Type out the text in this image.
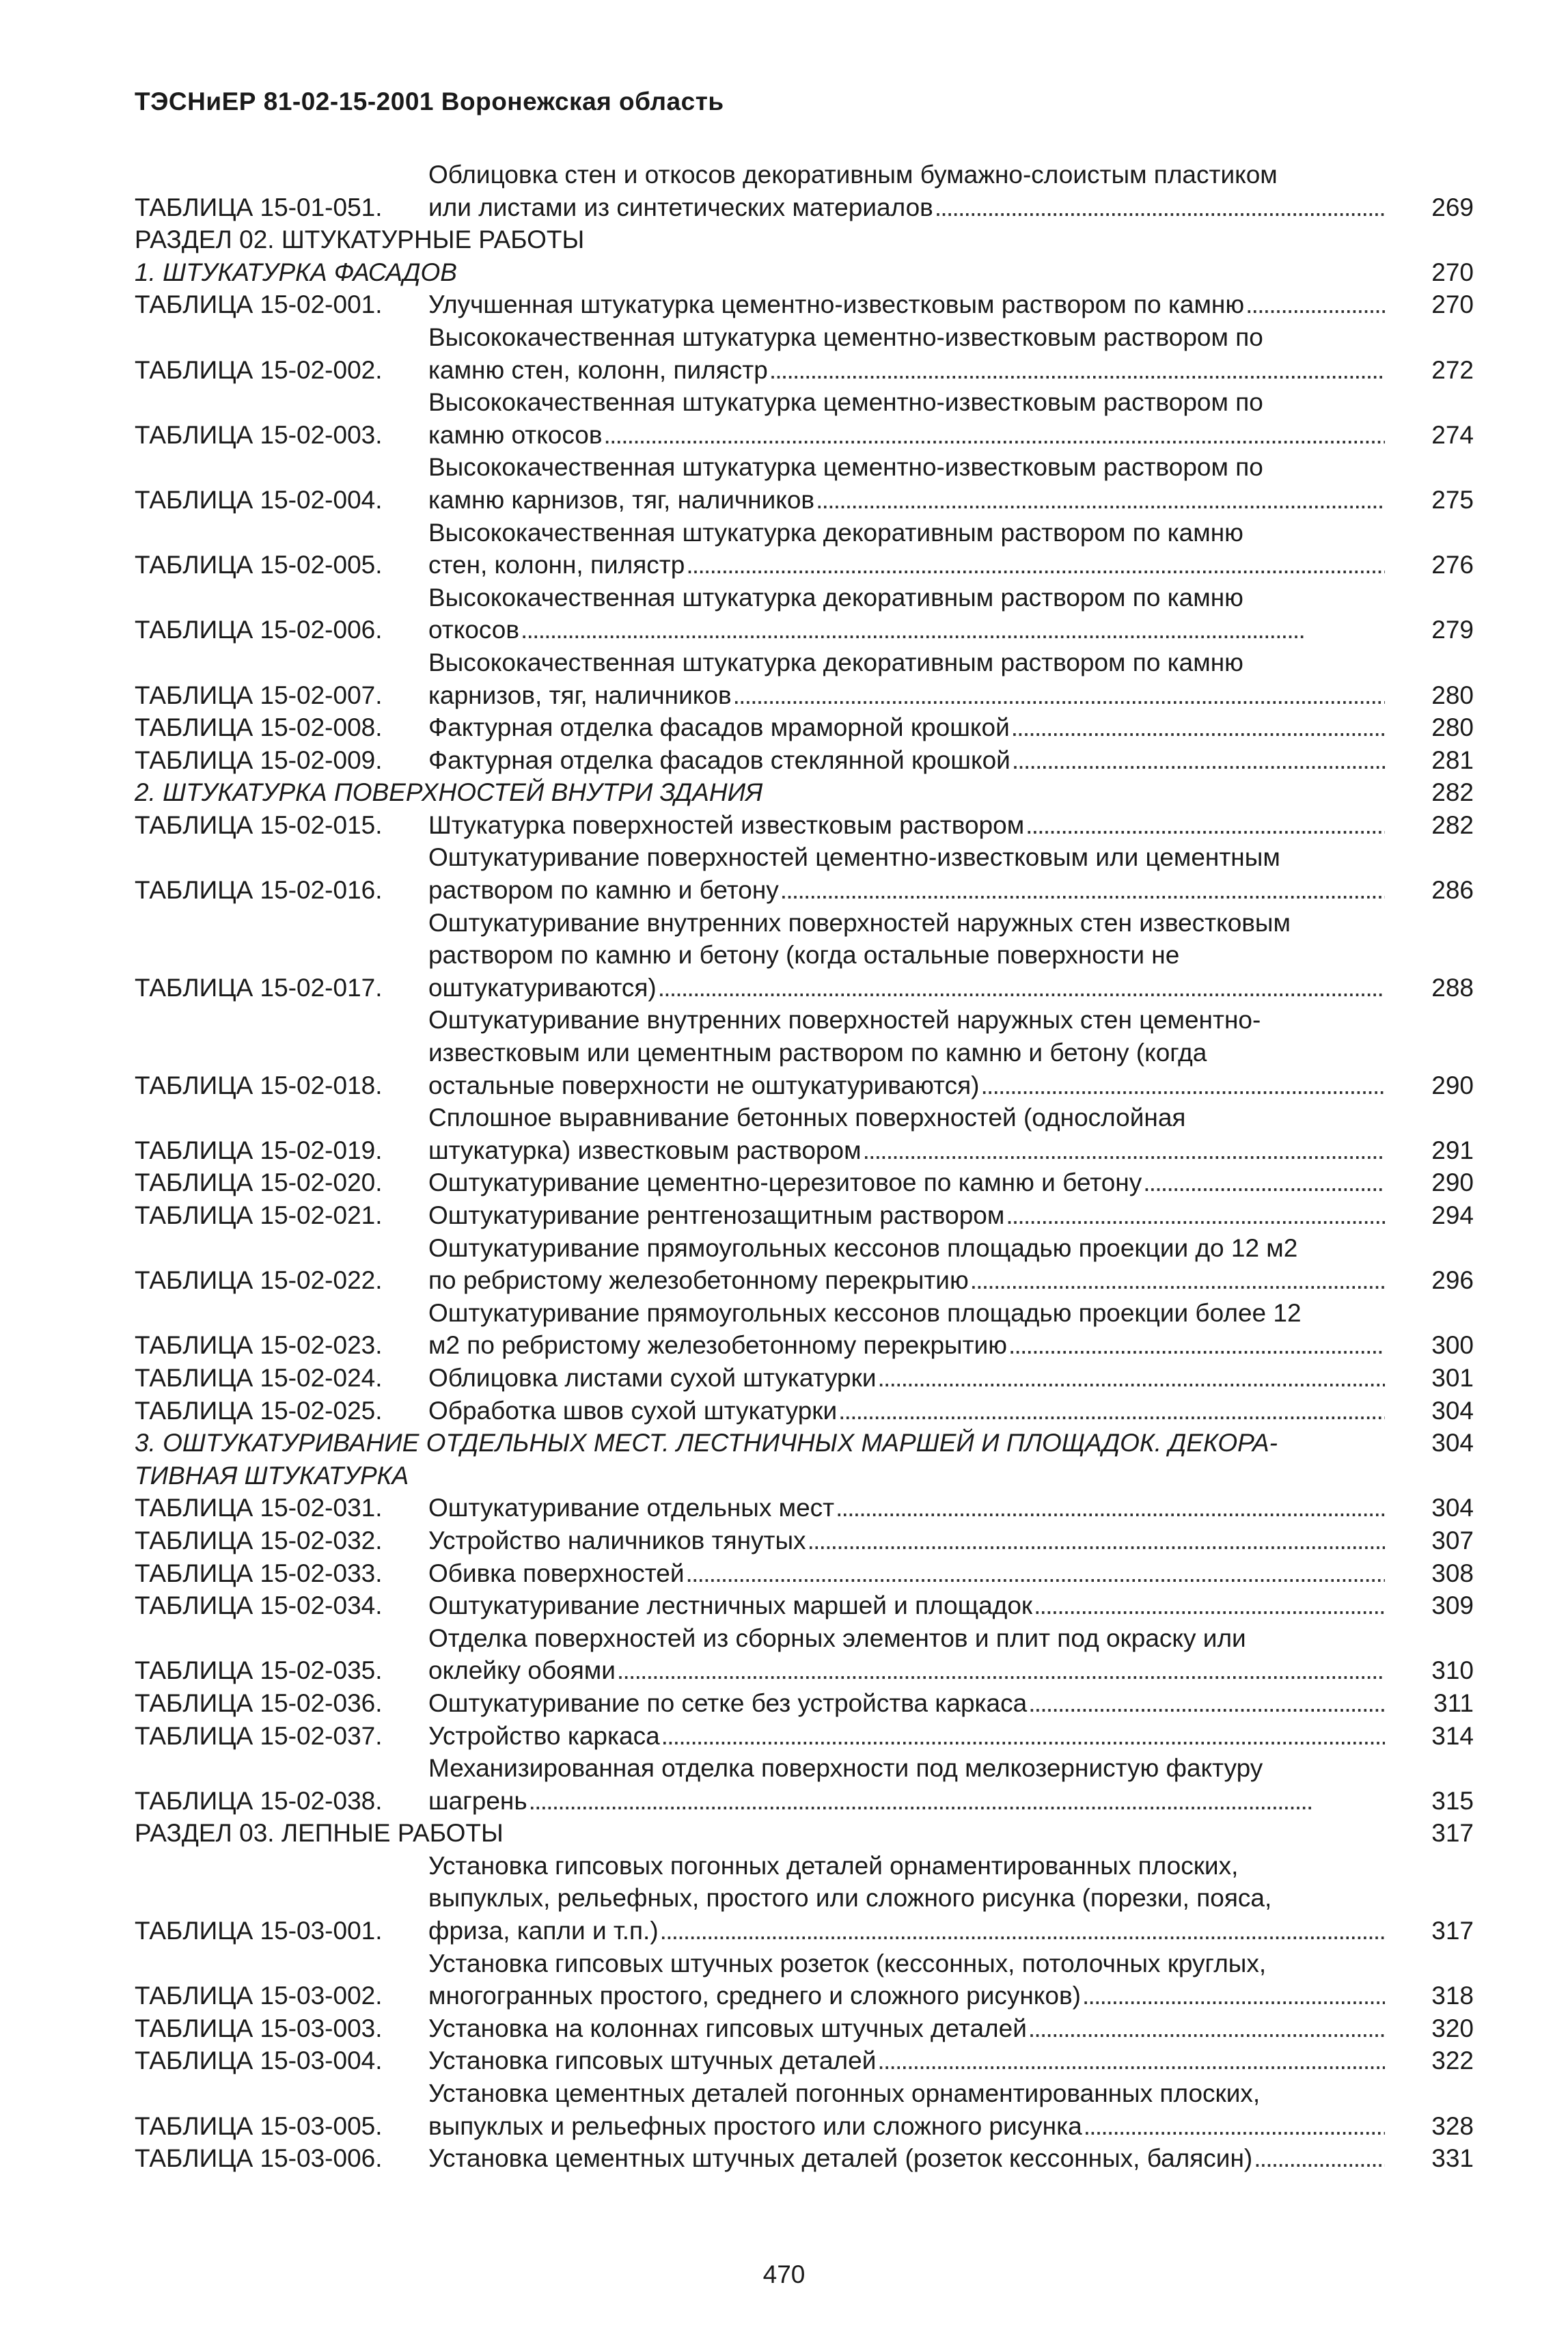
ТЭСНиЕР 81-02-15-2001 Воронежская область
ТАБЛИЦА 15-01-051.
Облицовка стен и откосов декоративным бумажно-слоистым пластиком
или листами из синтетических материалов . . .	269
РАЗДЕЛ 02. ШТУКАТУРНЫЕ РАБОТЫ
1. ШТУКАТУРКА ФАСАДОВ	270
ТАБЛИЦА 15-02-001.	Улучшенная штукатурка цементно-известковым раствором по камню . . .	270
ТАБЛИЦА 15-02-002.
Высококачественная штукатурка цементно-известковым раствором по
камню стен, колонн, пилястр . . .	272
ТАБЛИЦА 15-02-003.
Высококачественная штукатурка цементно-известковым раствором по
камню откосов . . .	274
ТАБЛИЦА 15-02-004.
Высококачественная штукатурка цементно-известковым раствором по
камню карнизов, тяг, наличников . . .	275
ТАБЛИЦА 15-02-005.
Высококачественная штукатурка декоративным раствором по камню
стен, колонн, пилястр . . .	276
ТАБЛИЦА 15-02-006.
Высококачественная штукатурка декоративным раствором по камню
откосов . . .	279
ТАБЛИЦА 15-02-007.
Высококачественная штукатурка декоративным раствором по камню
карнизов, тяг, наличников . . .	280
ТАБЛИЦА 15-02-008.	Фактурная отделка фасадов мраморной крошкой . . .	280
ТАБЛИЦА 15-02-009.	Фактурная отделка фасадов стеклянной крошкой . . .	281
2. ШТУКАТУРКА ПОВЕРХНОСТЕЙ ВНУТРИ ЗДАНИЯ	282
ТАБЛИЦА 15-02-015.	Штукатурка поверхностей известковым раствором . . .	282
ТАБЛИЦА 15-02-016.
Оштукатуривание поверхностей цементно-известковым или цементным
раствором по камню и бетону . . .	286
ТАБЛИЦА 15-02-017.
Оштукатуривание внутренних поверхностей наружных стен известковым
раствором по камню и бетону (когда остальные поверхности не
оштукатуриваются) . . .	288
ТАБЛИЦА 15-02-018.
Оштукатуривание внутренних поверхностей наружных стен цементно-
известковым или цементным раствором по камню и бетону (когда
остальные поверхности не оштукатуриваются) . . .	290
ТАБЛИЦА 15-02-019.
Сплошное выравнивание бетонных поверхностей (однослойная
штукатурка) известковым раствором . . .	291
ТАБЛИЦА 15-02-020.	Оштукатуривание цементно-церезитовое по камню и бетону . . .	290
ТАБЛИЦА 15-02-021.	Оштукатуривание рентгенозащитным раствором . . .	294
ТАБЛИЦА 15-02-022.
Оштукатуривание прямоугольных кессонов площадью проекции до 12 м2
по ребристому железобетонному перекрытию . . .	296
ТАБЛИЦА 15-02-023.
Оштукатуривание прямоугольных кессонов площадью проекции более 12
м2 по ребристому железобетонному перекрытию . . .	300
ТАБЛИЦА 15-02-024.	Облицовка листами сухой штукатурки . . .	301
ТАБЛИЦА 15-02-025.	Обработка швов сухой штукатурки . . .	304
3. ОШТУКАТУРИВАНИЕ ОТДЕЛЬНЫХ МЕСТ. ЛЕСТНИЧНЫХ МАРШЕЙ И ПЛОЩАДОК. ДЕКОРА-
ТИВНАЯ ШТУКАТУРКА
304
ТАБЛИЦА 15-02-031.	Оштукатуривание отдельных мест . . .	304
ТАБЛИЦА 15-02-032.	Устройство наличников тянутых . . .	307
ТАБЛИЦА 15-02-033.	Обивка поверхностей . . .	308
ТАБЛИЦА 15-02-034.	Оштукатуривание лестничных маршей и площадок . . .	309
ТАБЛИЦА 15-02-035.
Отделка поверхностей из сборных элементов и плит под окраску или
оклейку обоями . . .	310
ТАБЛИЦА 15-02-036.	Оштукатуривание по сетке без устройства каркаса . . .	311
ТАБЛИЦА 15-02-037.	Устройство каркаса . . .	314
ТАБЛИЦА 15-02-038.
Механизированная отделка поверхности под мелкозернистую фактуру
шагрень . . .	315
РАЗДЕЛ 03. ЛЕПНЫЕ РАБОТЫ	317
ТАБЛИЦА 15-03-001.
Установка гипсовых погонных деталей орнаментированных плоских,
выпуклых, рельефных, простого или сложного рисунка (порезки, пояса,
фриза, капли и т.п.) . . .	317
ТАБЛИЦА 15-03-002.
Установка гипсовых штучных розеток (кессонных, потолочных круглых,
многогранных простого, среднего и сложного рисунков) . . .	318
ТАБЛИЦА 15-03-003.	Установка на колоннах гипсовых штучных деталей . . .	320
ТАБЛИЦА 15-03-004.	Установка гипсовых штучных деталей . . .	322
ТАБЛИЦА 15-03-005.
Установка цементных деталей погонных орнаментированных плоских,
выпуклых и рельефных простого или сложного рисунка . . .	328
ТАБЛИЦА 15-03-006.	Установка цементных штучных деталей (розеток кессонных, балясин) . . .	331
470
